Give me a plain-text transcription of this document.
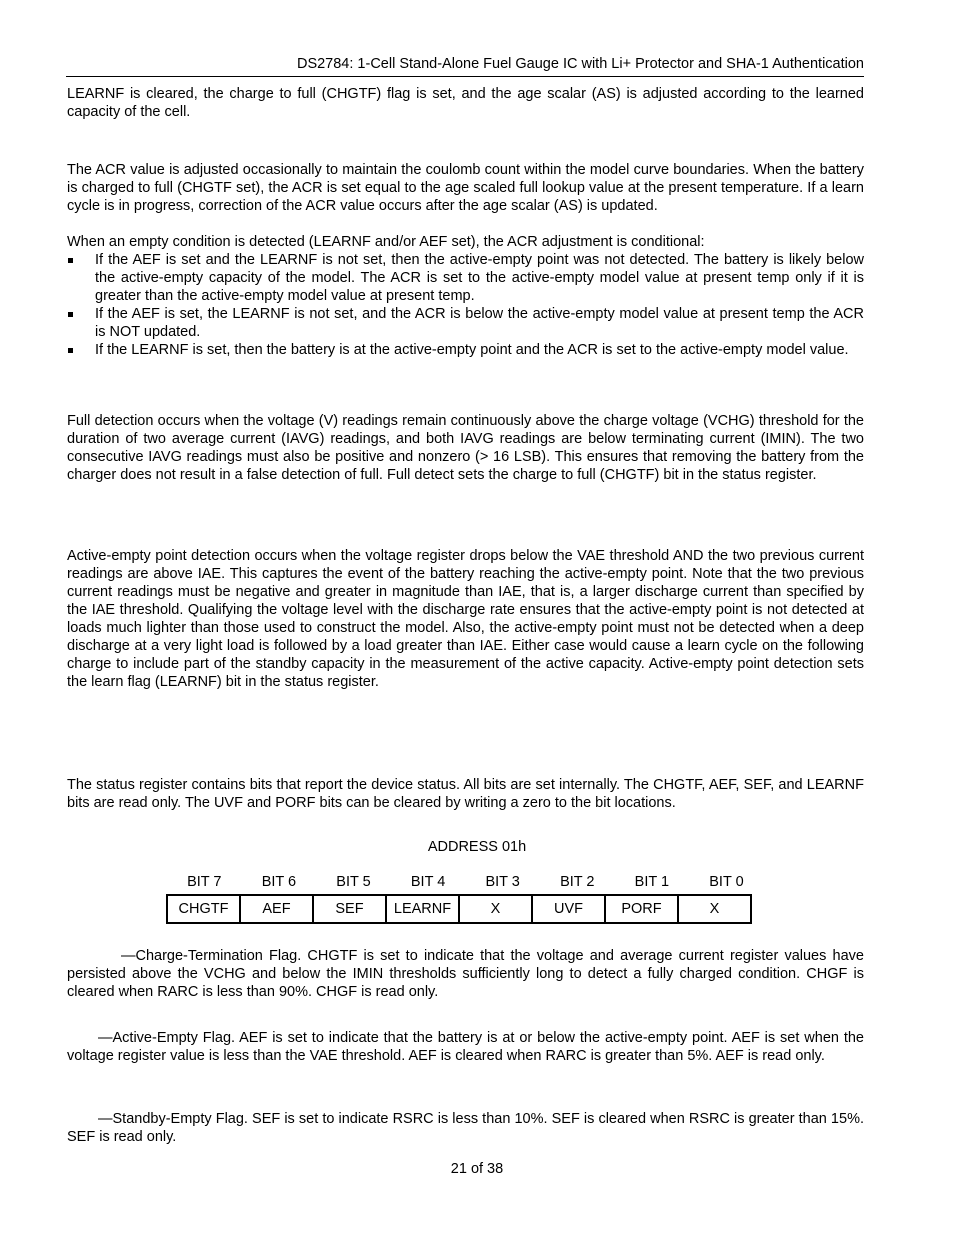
DS2784: 1-Cell Stand-Alone Fuel Gauge IC with Li+ Protector and SHA-1 Authentication

LEARNF is cleared, the charge to full (CHGTF) flag is set, and the age scalar (AS) is adjusted according to the learned capacity of the cell.

The ACR value is adjusted occasionally to maintain the coulomb count within the model curve boundaries. When the battery is charged to full (CHGTF set), the ACR is set equal to the age scaled full lookup value at the present temperature. If a learn cycle is in progress, correction of the ACR value occurs after the age scalar (AS) is updated.

When an empty condition is detected (LEARNF and/or AEF set), the ACR adjustment is conditional:

If the AEF is set and the LEARNF is not set, then the active-empty point was not detected. The battery is likely below the active-empty capacity of the model. The ACR is set to the active-empty model value at present temp only if it is greater than the active-empty model value at present temp.
If the AEF is set, the LEARNF is not set, and the ACR is below the active-empty model value at present temp the ACR is NOT updated.
If the LEARNF is set, then the battery is at the active-empty point and the ACR is set to the active-empty model value.

Full detection occurs when the voltage (V) readings remain continuously above the charge voltage (VCHG) threshold for the duration of two average current (IAVG) readings, and both IAVG readings are below terminating current (IMIN). The two consecutive IAVG readings must also be positive and nonzero (> 16 LSB). This ensures that removing the battery from the charger does not result in a false detection of full. Full detect sets the charge to full (CHGTF) bit in the status register.

Active-empty point detection occurs when the voltage register drops below the VAE threshold AND the two previous current readings are above IAE. This captures the event of the battery reaching the active-empty point. Note that the two previous current readings must be negative and greater in magnitude than IAE, that is, a larger discharge current than specified by the IAE threshold. Qualifying the voltage level with the discharge rate ensures that the active-empty point is not detected at loads much lighter than those used to construct the model. Also, the active-empty point must not be detected when a deep discharge at a very light load is followed by a load greater than IAE. Either case would cause a learn cycle on the following charge to include part of the standby capacity in the measurement of the active capacity. Active-empty point detection sets the learn flag (LEARNF) bit in the status register.

The status register contains bits that report the device status. All bits are set internally. The CHGTF, AEF, SEF, and LEARNF bits are read only. The UVF and PORF bits can be cleared by writing a zero to the bit locations.

ADDRESS 01h
BIT 7	BIT 6	BIT 5	BIT 4	BIT 3	BIT 2	BIT 1	BIT 0
CHGTF	AEF	SEF	LEARNF	X	UVF	PORF	X

—Charge-Termination Flag. CHGTF is set to indicate that the voltage and average current register values have persisted above the VCHG and below the IMIN thresholds sufficiently long to detect a fully charged condition. CHGF is cleared when RARC is less than 90%. CHGF is read only.

—Active-Empty Flag. AEF is set to indicate that the battery is at or below the active-empty point. AEF is set when the voltage register value is less than the VAE threshold. AEF is cleared when RARC is greater than 5%. AEF is read only.

—Standby-Empty Flag. SEF is set to indicate RSRC is less than 10%. SEF is cleared when RSRC is greater than 15%. SEF is read only.

21 of 38
